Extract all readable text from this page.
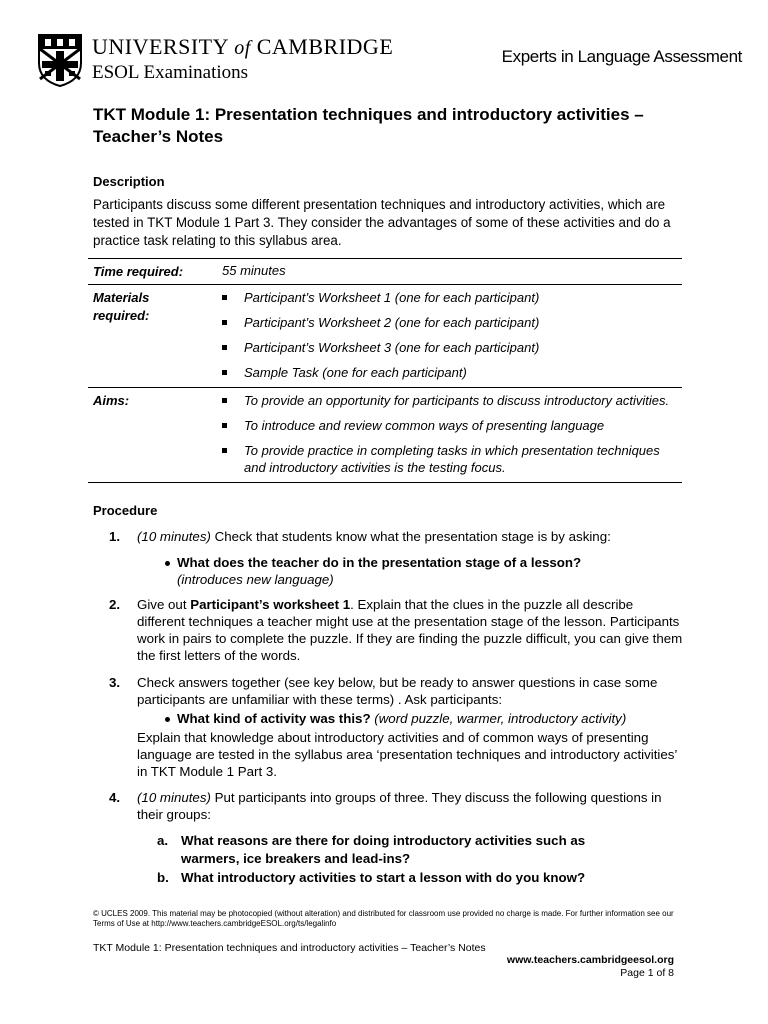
UNIVERSITY of CAMBRIDGE
ESOL Examinations
Experts in Language Assessment
TKT Module 1: Presentation techniques and introductory activities – Teacher’s Notes
Description
Participants discuss some different presentation techniques and introductory activities, which are tested in TKT Module 1 Part 3. They consider the advantages of some of these activities and do a practice task relating to this syllabus area.
Time required:	55 minutes
Materials required:
Participant’s Worksheet 1 (one for each participant)
Participant’s Worksheet 2 (one for each participant)
Participant’s Worksheet 3 (one for each participant)
Sample Task (one for each participant)
Aims:	To provide an opportunity for participants to discuss introductory activities.
To introduce and review common ways of presenting language
To provide practice in completing tasks in which presentation techniques and introductory activities is the testing focus.
Procedure
1.	(10 minutes) Check that students know what the presentation stage is by asking:
What does the teacher do in the presentation stage of a lesson?
(introduces new language)
2.	Give out Participant’s worksheet 1. Explain that the clues in the puzzle all describe different techniques a teacher might use at the presentation stage of the lesson. Participants work in pairs to complete the puzzle. If they are finding the puzzle difficult, you can give them the first letters of the words.
3.	Check answers together (see key below, but be ready to answer questions in case some participants are unfamiliar with these terms) . Ask participants:
What kind of activity was this? (word puzzle, warmer, introductory activity)
Explain that knowledge about introductory activities and of common ways of presenting language are tested in the syllabus area ‘presentation techniques and introductory activities’ in TKT Module 1 Part 3.
4.	(10 minutes) Put participants into groups of three. They discuss the following questions in their groups:
a. What reasons are there for doing introductory activities such as warmers, ice breakers and lead-ins?
b. What introductory activities to start a lesson with do you know?
© UCLES 2009. This material may be photocopied (without alteration) and distributed for classroom use provided no charge is made. For further information see our Terms of Use at http://www.teachers.cambridgeESOL.org/ts/legalinfo
TKT Module 1: Presentation techniques and introductory activities – Teacher’s Notes
www.teachers.cambridgeesol.org
Page 1 of 8
